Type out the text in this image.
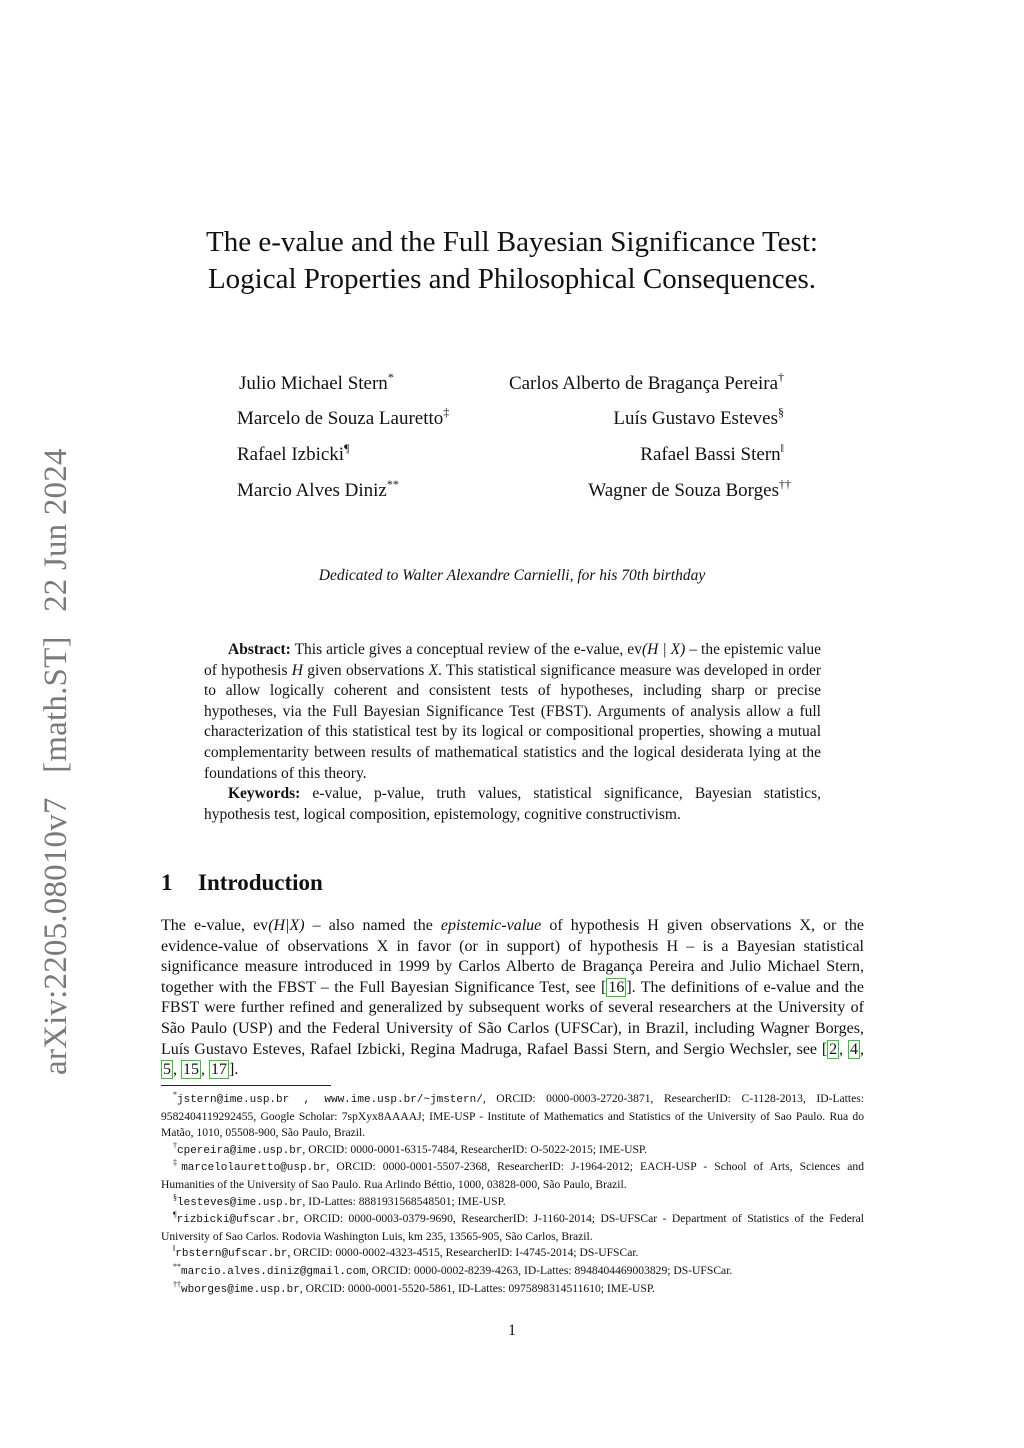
arXiv:2205.08010v7 [math.ST] 22 Jun 2024
The e-value and the Full Bayesian Significance Test:
Logical Properties and Philosophical Consequences.
Julio Michael Stern*	Carlos Alberto de Bragança Pereira†
Marcelo de Souza Lauretto‡	Luís Gustavo Esteves§
Rafael Izbicki¶	Rafael Bassi Stern‖
Marcio Alves Diniz**	Wagner de Souza Borges††
Dedicated to Walter Alexandre Carnielli, for his 70th birthday

Abstract: This article gives a conceptual review of the e-value, ev(H | X) – the epistemic value of hypothesis H given observations X. This statistical significance measure was developed in order to allow logically coherent and consistent tests of hypotheses, including sharp or precise hypotheses, via the Full Bayesian Significance Test (FBST). Arguments of analysis allow a full characterization of this statistical test by its logical or compositional properties, showing a mutual complementarity between results of mathematical statistics and the logical desiderata lying at the foundations of this theory.

Keywords: e-value, p-value, truth values, statistical significance, Bayesian statistics, hypothesis test, logical composition, epistemology, cognitive constructivism.

1 Introduction
The e-value, ev(H|X) – also named the epistemic-value of hypothesis H given observations X, or the evidence-value of observations X in favor (or in support) of hypothesis H – is a Bayesian statistical significance measure introduced in 1999 by Carlos Alberto de Bragança Pereira and Julio Michael Stern, together with the FBST – the Full Bayesian Significance Test, see [ 16 ]. The definitions of e-value and the FBST were further refined and generalized by subsequent works of several researchers at the University of São Paulo (USP) and the Federal University of São Carlos (UFSCar), in Brazil, including Wagner Borges, Luís Gustavo Esteves, Rafael Izbicki, Regina Madruga, Rafael Bassi Stern, and Sergio Wechsler, see [ 2 , 4 , 5 , 15 , 17 ].

*jstern@ime.usp.br , www.ime.usp.br/~jmstern/, ORCID: 0000-0003-2720-3871, ResearcherID: C-1128-2013, ID-Lattes: 9582404119292455, Google Scholar: 7spXyx8AAAAJ; IME-USP - Institute of Mathematics and Statistics of the University of Sao Paulo. Rua do Matão, 1010, 05508-900, São Paulo, Brazil.

†cpereira@ime.usp.br, ORCID: 0000-0001-6315-7484, ResearcherID: O-5022-2015; IME-USP.

‡marcelolauretto@usp.br, ORCID: 0000-0001-5507-2368, ResearcherID: J-1964-2012; EACH-USP - School of Arts, Sciences and Humanities of the University of Sao Paulo. Rua Arlindo Béttio, 1000, 03828-000, São Paulo, Brazil.

§lesteves@ime.usp.br, ID-Lattes: 8881931568548501; IME-USP.

¶rizbicki@ufscar.br, ORCID: 0000-0003-0379-9690, ResearcherID: J-1160-2014; DS-UFSCar - Department of Statistics of the Federal University of Sao Carlos. Rodovia Washington Luis, km 235, 13565-905, São Carlos, Brazil.

‖rbstern@ufscar.br, ORCID: 0000-0002-4323-4515, ResearcherID: I-4745-2014; DS-UFSCar.

**marcio.alves.diniz@gmail.com, ORCID: 0000-0002-8239-4263, ID-Lattes: 8948404469003829; DS-UFSCar.

††wborges@ime.usp.br, ORCID: 0000-0001-5520-5861, ID-Lattes: 0975898314511610; IME-USP.

1
